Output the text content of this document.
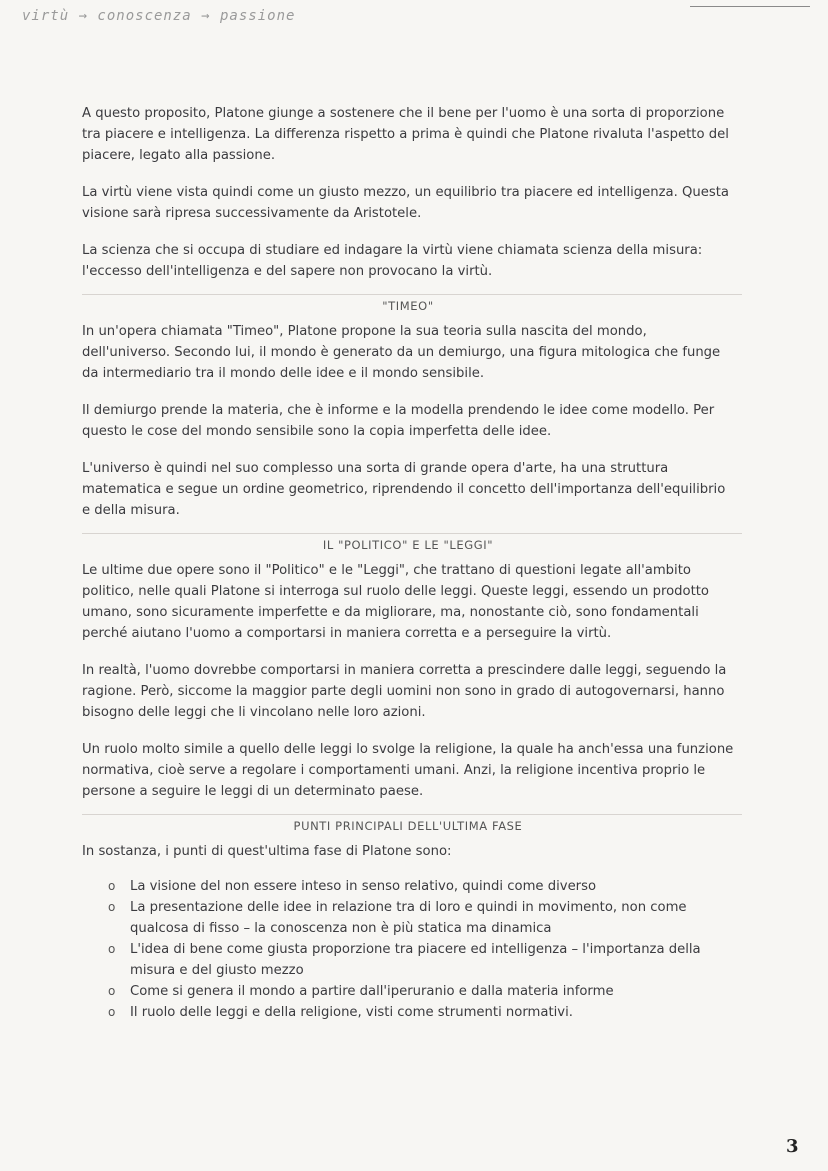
virtù → conoscenza → passione

A questo proposito, Platone giunge a sostenere che il bene per l'uomo è una sorta di proporzione tra piacere e intelligenza. La differenza rispetto a prima è quindi che Platone rivaluta l'aspetto del piacere, legato alla passione.

La virtù viene vista quindi come un giusto mezzo, un equilibrio tra piacere ed intelligenza. Questa visione sarà ripresa successivamente da Aristotele.

La scienza che si occupa di studiare ed indagare la virtù viene chiamata scienza della misura: l'eccesso dell'intelligenza e del sapere non provocano la virtù.

"TIMEO"

In un'opera chiamata "Timeo", Platone propone la sua teoria sulla nascita del mondo, dell'universo. Secondo lui, il mondo è generato da un demiurgo, una figura mitologica che funge da intermediario tra il mondo delle idee e il mondo sensibile.

Il demiurgo prende la materia, che è informe e la modella prendendo le idee come modello. Per questo le cose del mondo sensibile sono la copia imperfetta delle idee.

L'universo è quindi nel suo complesso una sorta di grande opera d'arte, ha una struttura matematica e segue un ordine geometrico, riprendendo il concetto dell'importanza dell'equilibrio e della misura.

IL "POLITICO" E LE "LEGGI"

Le ultime due opere sono il "Politico" e le "Leggi", che trattano di questioni legate all'ambito politico, nelle quali Platone si interroga sul ruolo delle leggi. Queste leggi, essendo un prodotto umano, sono sicuramente imperfette e da migliorare, ma, nonostante ciò, sono fondamentali perché aiutano l'uomo a comportarsi in maniera corretta e a perseguire la virtù.

In realtà, l'uomo dovrebbe comportarsi in maniera corretta a prescindere dalle leggi, seguendo la ragione. Però, siccome la maggior parte degli uomini non sono in grado di autogovernarsi, hanno bisogno delle leggi che li vincolano nelle loro azioni.

Un ruolo molto simile a quello delle leggi lo svolge la religione, la quale ha anch'essa una funzione normativa, cioè serve a regolare i comportamenti umani. Anzi, la religione incentiva proprio le persone a seguire le leggi di un determinato paese.

PUNTI PRINCIPALI DELL'ULTIMA FASE

In sostanza, i punti di quest'ultima fase di Platone sono:

o La visione del non essere inteso in senso relativo, quindi come diverso
o La presentazione delle idee in relazione tra di loro e quindi in movimento, non come qualcosa di fisso – la conoscenza non è più statica ma dinamica
o L'idea di bene come giusta proporzione tra piacere ed intelligenza – l'importanza della misura e del giusto mezzo
o Come si genera il mondo a partire dall'iperuranio e dalla materia informe
o Il ruolo delle leggi e della religione, visti come strumenti normativi.
3
